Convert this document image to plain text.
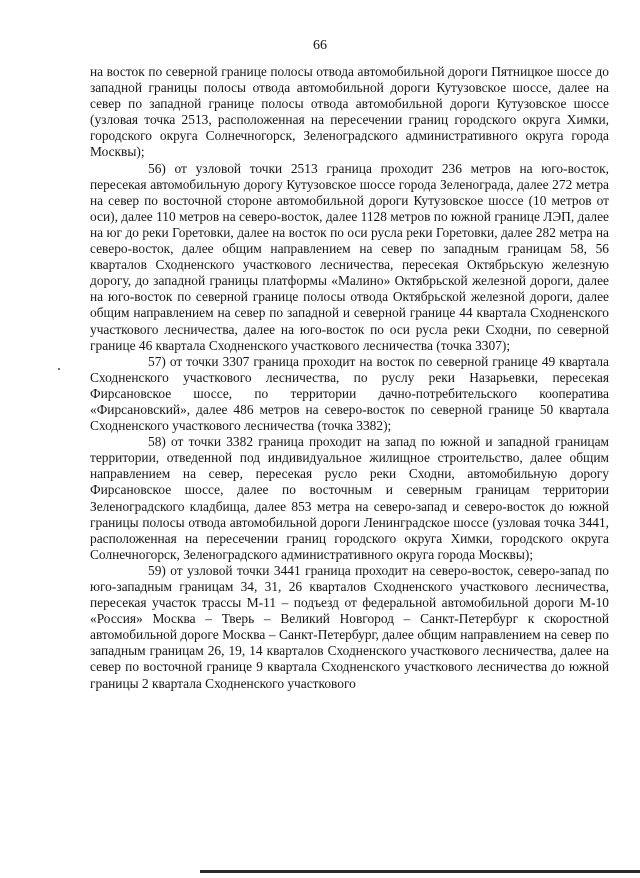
66

на восток по северной границе полосы отвода автомобильной дороги Пятницкое шоссе до западной границы полосы отвода автомобильной дороги Кутузовское шоссе, далее на север по западной границе полосы отвода автомобильной дороги Кутузовское шоссе (узловая точка 2513, расположенная на пересечении границ городского округа Химки, городского округа Солнечногорск, Зеленоградского административного округа города Москвы);

56) от узловой точки 2513 граница проходит 236 метров на юго-восток, пересекая автомобильную дорогу Кутузовское шоссе города Зеленограда, далее 272 метра на север по восточной стороне автомобильной дороги Кутузовское шоссе (10 метров от оси), далее 110 метров на северо-восток, далее 1128 метров по южной границе ЛЭП, далее на юг до реки Горетовки, далее на восток по оси русла реки Горетовки, далее 282 метра на северо-восток, далее общим направлением на север по западным границам 58, 56 кварталов Сходненского участкового лесничества, пересекая Октябрьскую железную дорогу, до западной границы платформы «Малино» Октябрьской железной дороги, далее на юго-восток по северной границе полосы отвода Октябрьской железной дороги, далее общим направлением на север по западной и северной границе 44 квартала Сходненского участкового лесничества, далее на юго-восток по оси русла реки Сходни, по северной границе 46 квартала Сходненского участкового лесничества (точка 3307);

57) от точки 3307 граница проходит на восток по северной границе 49 квартала Сходненского участкового лесничества, по руслу реки Назарьевки, пересекая Фирсановское шоссе, по территории дачно-потребительского кооператива «Фирсановский», далее 486 метров на северо-восток по северной границе 50 квартала Сходненского участкового лесничества (точка 3382);

58) от точки 3382 граница проходит на запад по южной и западной границам территории, отведенной под индивидуальное жилищное строительство, далее общим направлением на север, пересекая русло реки Сходни, автомобильную дорогу Фирсановское шоссе, далее по восточным и северным границам территории Зеленоградского кладбища, далее 853 метра на северо-запад и северо-восток до южной границы полосы отвода автомобильной дороги Ленинградское шоссе (узловая точка 3441, расположенная на пересечении границ городского округа Химки, городского округа Солнечногорск, Зеленоградского административного округа города Москвы);

59) от узловой точки 3441 граница проходит на северо-восток, северо-запад по юго-западным границам 34, 31, 26 кварталов Сходненского участкового лесничества, пересекая участок трассы М-11 – подъезд от федеральной автомобильной дороги М-10 «Россия» Москва – Тверь – Великий Новгород – Санкт-Петербург к скоростной автомобильной дороге Москва – Санкт-Петербург, далее общим направлением на север по западным границам 26, 19, 14 кварталов Сходненского участкового лесничества, далее на север по восточной границе 9 квартала Сходненского участкового лесничества до южной границы 2 квартала Сходненского участкового
